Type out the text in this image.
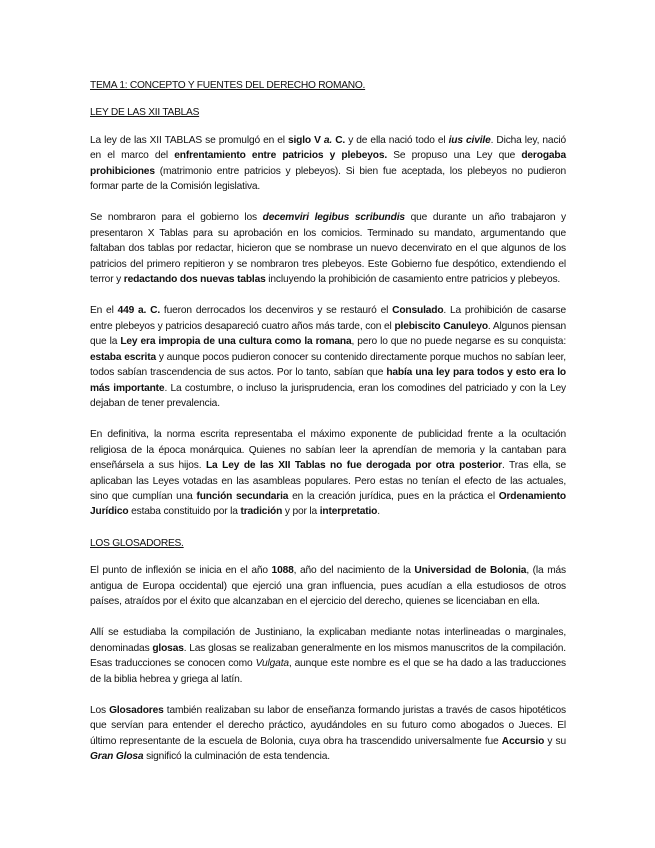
TEMA 1: CONCEPTO Y FUENTES DEL DERECHO ROMANO.

LEY DE LAS XII TABLAS

La ley de las XII TABLAS se promulgó en el siglo V a. C. y de ella nació todo el ius civile. Dicha ley, nació en el marco del enfrentamiento entre patricios y plebeyos. Se propuso una Ley que derogaba prohibiciones (matrimonio entre patricios y plebeyos). Si bien fue aceptada, los plebeyos no pudieron formar parte de la Comisión legislativa.

Se nombraron para el gobierno los decemviri legibus scribundis que durante un año trabajaron y presentaron X Tablas para su aprobación en los comicios. Terminado su mandato, argumentando que faltaban dos tablas por redactar, hicieron que se nombrase un nuevo decenvirato en el que algunos de los patricios del primero repitieron y se nombraron tres plebeyos. Este Gobierno fue despótico, extendiendo el terror y redactando dos nuevas tablas incluyendo la prohibición de casamiento entre patricios y plebeyos.

En el 449 a. C. fueron derrocados los decenviros y se restauró el Consulado. La prohibición de casarse entre plebeyos y patricios desapareció cuatro años más tarde, con el plebiscito Canuleyo. Algunos piensan que la Ley era impropia de una cultura como la romana, pero lo que no puede negarse es su conquista: estaba escrita y aunque pocos pudieron conocer su contenido directamente porque muchos no sabían leer, todos sabían trascendencia de sus actos. Por lo tanto, sabían que había una ley para todos y esto era lo más importante. La costumbre, o incluso la jurisprudencia, eran los comodines del patriciado y con la Ley dejaban de tener prevalencia.

En definitiva, la norma escrita representaba el máximo exponente de publicidad frente a la ocultación religiosa de la época monárquica. Quienes no sabían leer la aprendían de memoria y la cantaban para enseñársela a sus hijos. La Ley de las XII Tablas no fue derogada por otra posterior. Tras ella, se aplicaban las Leyes votadas en las asambleas populares. Pero estas no tenían el efecto de las actuales, sino que cumplían una función secundaria en la creación jurídica, pues en la práctica el Ordenamiento Jurídico estaba constituido por la tradición y por la interpretatio.

LOS GLOSADORES.

El punto de inflexión se inicia en el año 1088, año del nacimiento de la Universidad de Bolonia, (la más antigua de Europa occidental) que ejerció una gran influencia, pues acudían a ella estudiosos de otros países, atraídos por el éxito que alcanzaban en el ejercicio del derecho, quienes se licenciaban en ella.

Allí se estudiaba la compilación de Justiniano, la explicaban mediante notas interlineadas o marginales, denominadas glosas. Las glosas se realizaban generalmente en los mismos manuscritos de la compilación. Esas traducciones se conocen como Vulgata, aunque este nombre es el que se ha dado a las traducciones de la biblia hebrea y griega al latín.

Los Glosadores también realizaban su labor de enseñanza formando juristas a través de casos hipotéticos que servían para entender el derecho práctico, ayudándoles en su futuro como abogados o Jueces. El último representante de la escuela de Bolonia, cuya obra ha trascendido universalmente fue Accursio y su Gran Glosa significó la culminación de esta tendencia.
